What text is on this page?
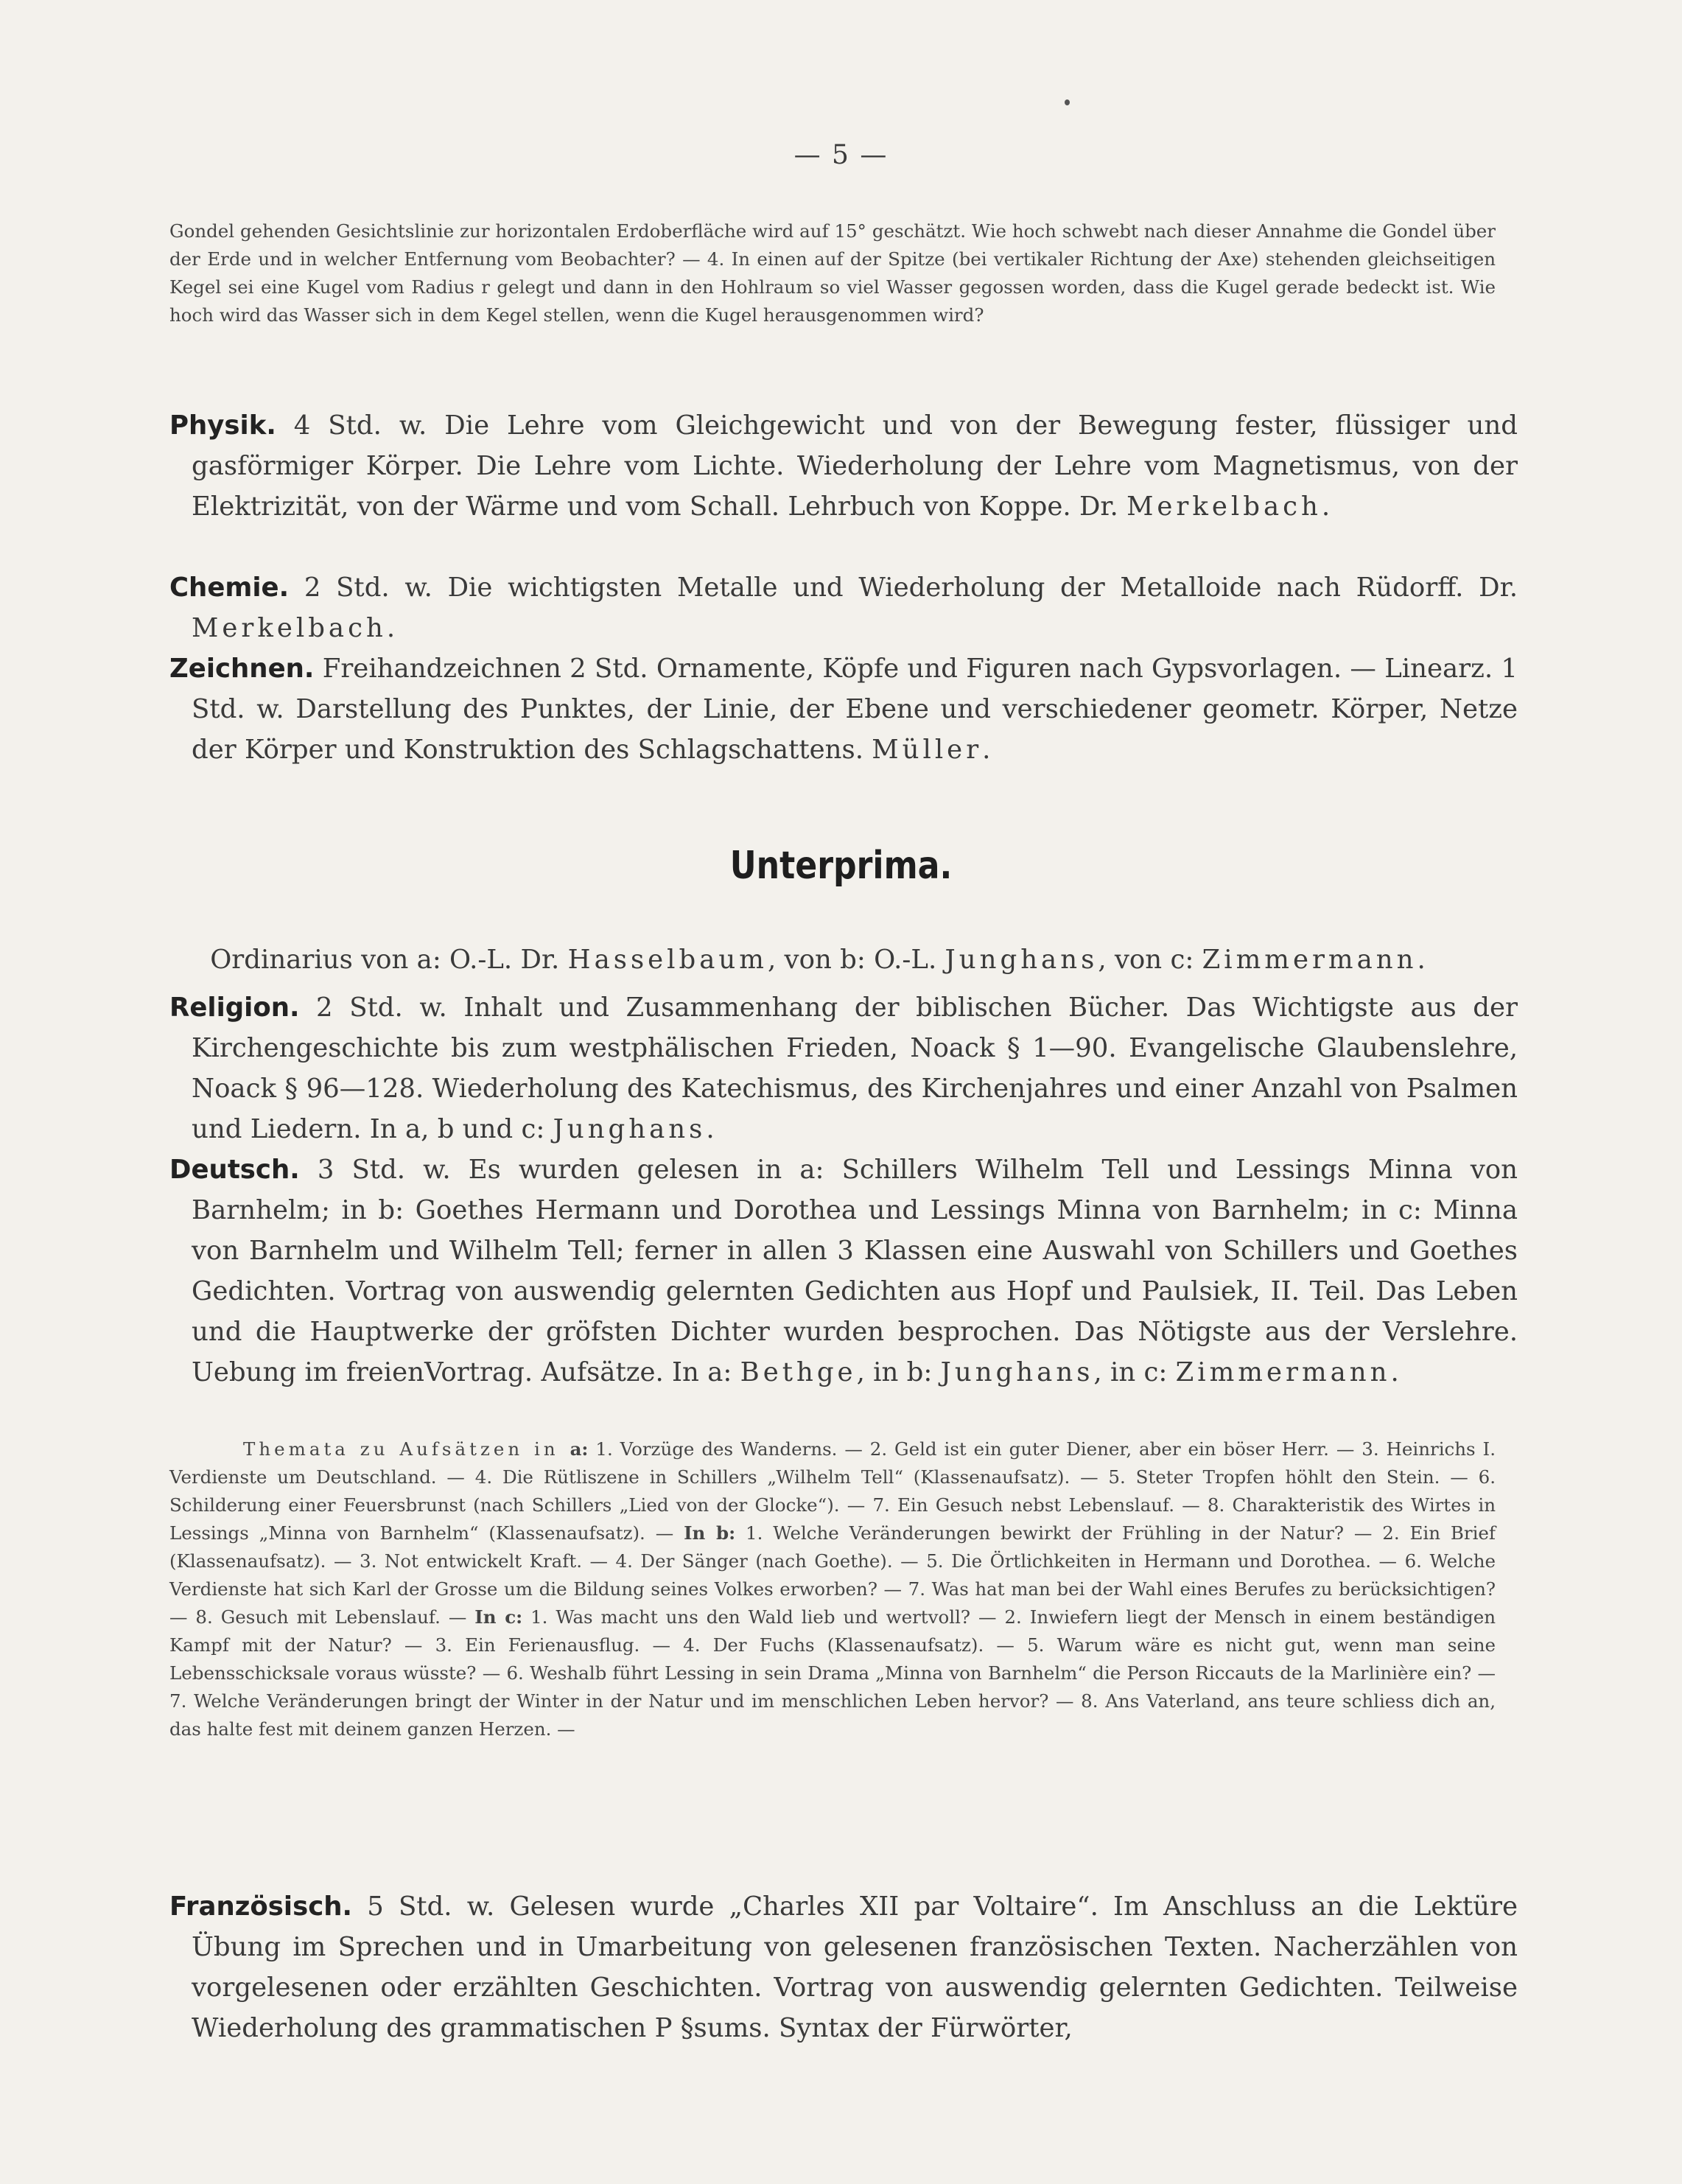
— 5 —

Gondel gehenden Gesichtslinie zur horizontalen Erdoberfläche wird auf 15° geschätzt. Wie hoch schwebt nach dieser Annahme die Gondel über der Erde und in welcher Entfernung vom Beobachter? — 4. In einen auf der Spitze (bei vertikaler Richtung der Axe) stehenden gleichseitigen Kegel sei eine Kugel vom Radius r gelegt und dann in den Hohlraum so viel Wasser gegossen worden, dass die Kugel gerade bedeckt ist. Wie hoch wird das Wasser sich in dem Kegel stellen, wenn die Kugel herausgenommen wird?

Physik. 4 Std. w. Die Lehre vom Gleichgewicht und von der Bewegung fester, flüssiger und gasförmiger Körper. Die Lehre vom Lichte. Wiederholung der Lehre vom Magnetismus, von der Elektrizität, von der Wärme und vom Schall. Lehrbuch von Koppe. Dr. Merkelbach.

Chemie. 2 Std. w. Die wichtigsten Metalle und Wiederholung der Metalloide nach Rüdorff. Dr. Merkelbach.

Zeichnen. Freihandzeichnen 2 Std. Ornamente, Köpfe und Figuren nach Gypsvorlagen. — Linearz. 1 Std. w. Darstellung des Punktes, der Linie, der Ebene und verschiedener geometr. Körper, Netze der Körper und Konstruktion des Schlagschattens. Müller.

Unterprima.

Ordinarius von a: O.-L. Dr. Hasselbaum, von b: O.-L. Junghans, von c: Zimmermann.

Religion. 2 Std. w. Inhalt und Zusammenhang der biblischen Bücher. Das Wichtigste aus der Kirchengeschichte bis zum westphälischen Frieden, Noack § 1—90. Evangelische Glaubenslehre, Noack § 96—128. Wiederholung des Katechismus, des Kirchenjahres und einer Anzahl von Psalmen und Liedern. In a, b und c: Junghans.

Deutsch. 3 Std. w. Es wurden gelesen in a: Schillers Wilhelm Tell und Lessings Minna von Barnhelm; in b: Goethes Hermann und Dorothea und Lessings Minna von Barnhelm; in c: Minna von Barnhelm und Wilhelm Tell; ferner in allen 3 Klassen eine Auswahl von Schillers und Goethes Gedichten. Vortrag von auswendig gelernten Gedichten aus Hopf und Paulsiek, II. Teil. Das Leben und die Hauptwerke der gröfsten Dichter wurden besprochen. Das Nötigste aus der Verslehre. Uebung im freienVortrag. Aufsätze. In a: Bethge, in b: Junghans, in c: Zimmermann.

Themata zu Aufsätzen in a: 1. Vorzüge des Wanderns. — 2. Geld ist ein guter Diener, aber ein böser Herr. — 3. Heinrichs I. Verdienste um Deutschland. — 4. Die Rütliszene in Schillers „Wilhelm Tell“ (Klassenaufsatz). — 5. Steter Tropfen höhlt den Stein. — 6. Schilderung einer Feuersbrunst (nach Schillers „Lied von der Glocke“). — 7. Ein Gesuch nebst Lebenslauf. — 8. Charakteristik des Wirtes in Lessings „Minna von Barnhelm“ (Klassenaufsatz). — In b: 1. Welche Veränderungen bewirkt der Frühling in der Natur? — 2. Ein Brief (Klassenaufsatz). — 3. Not entwickelt Kraft. — 4. Der Sänger (nach Goethe). — 5. Die Örtlichkeiten in Hermann und Dorothea. — 6. Welche Verdienste hat sich Karl der Grosse um die Bildung seines Volkes erworben? — 7. Was hat man bei der Wahl eines Berufes zu berücksichtigen? — 8. Gesuch mit Lebenslauf. — In c: 1. Was macht uns den Wald lieb und wertvoll? — 2. Inwiefern liegt der Mensch in einem beständigen Kampf mit der Natur? — 3. Ein Ferienausflug. — 4. Der Fuchs (Klassenaufsatz). — 5. Warum wäre es nicht gut, wenn man seine Lebensschicksale voraus wüsste? — 6. Weshalb führt Lessing in sein Drama „Minna von Barnhelm“ die Person Riccauts de la Marlinière ein? — 7. Welche Veränderungen bringt der Winter in der Natur und im menschlichen Leben hervor? — 8. Ans Vaterland, ans teure schliess dich an, das halte fest mit deinem ganzen Herzen. —

Französisch. 5 Std. w. Gelesen wurde „Charles XII par Voltaire“. Im Anschluss an die Lektüre Übung im Sprechen und in Umarbeitung von gelesenen französischen Texten. Nacherzählen von vorgelesenen oder erzählten Geschichten. Vortrag von auswendig gelernten Gedichten. Teilweise Wiederholung des grammatischen P §sums. Syntax der Fürwörter,
